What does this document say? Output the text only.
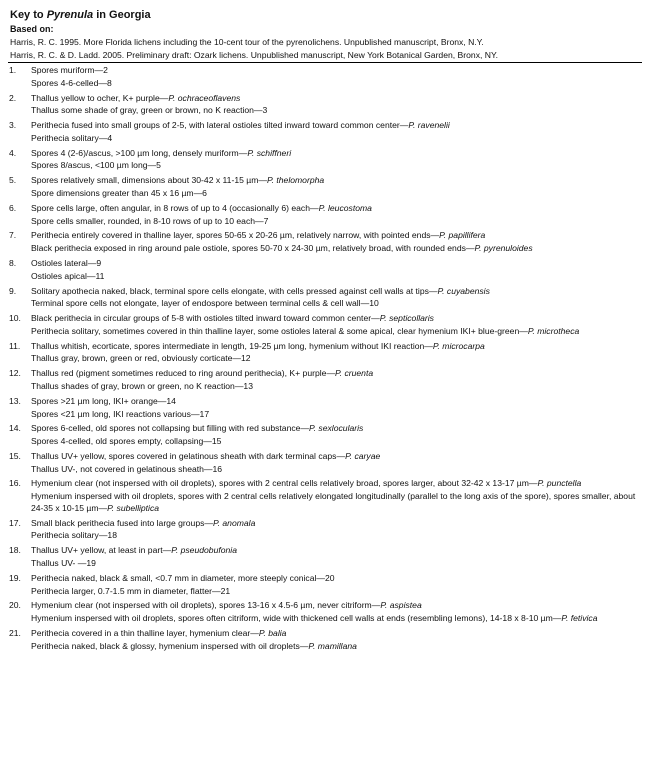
Key to Pyrenula in Georgia
Based on:
Harris, R. C. 1995. More Florida lichens including the 10-cent tour of the pyrenolichens. Unpublished manuscript, Bronx, N.Y.
Harris, R. C. & D. Ladd. 2005. Preliminary draft: Ozark lichens. Unpublished manuscript, New York Botanical Garden, Bronx, NY.
1.	Spores muriform—2
Spores 4-6-celled—8
2.	Thallus yellow to ocher, K+ purple—P. ochraceoflavens
Thallus some shade of gray, green or brown, no K reaction—3
3.	Perithecia fused into small groups of 2-5, with lateral ostioles tilted inward toward common center—P. ravenelii
Perithecia solitary—4
4.	Spores 4 (2-6)/ascus, >100 µm long, densely muriform—P. schiffneri
Spores 8/ascus, <100 µm long—5
5.	Spores relatively small, dimensions about 30-42 x 11-15 µm—P. thelomorpha
Spore dimensions greater than 45 x 16 µm—6
6.	Spore cells large, often angular, in 8 rows of up to 4 (occasionally 6) each—P. leucostoma
Spore cells smaller, rounded, in 8-10 rows of up to 10 each—7
7.	Perithecia entirely covered in thalline layer, spores 50-65 x 20-26 µm, relatively narrow, with pointed ends—P. papillifera
Black perithecia exposed in ring around pale ostiole, spores 50-70 x 24-30 µm, relatively broad, with rounded ends—P. pyrenuloides
8.	Ostioles lateral—9
Ostioles apical—11
9.	Solitary apothecia naked, black, terminal spore cells elongate, with cells pressed against cell walls at tips—P. cuyabensis
Terminal spore cells not elongate, layer of endospore between terminal cells & cell wall—10
10.	Black perithecia in circular groups of 5-8 with ostioles tilted inward toward common center—P. septicollaris
Perithecia solitary, sometimes covered in thin thalline layer, some ostioles lateral & some apical, clear hymenium IKI+ blue-green—P. microtheca
11.	Thallus whitish, ecorticate, spores intermediate in length, 19-25 µm long, hymenium without IKI reaction—P. microcarpa
Thallus gray, brown, green or red, obviously corticate—12
12.	Thallus red (pigment sometimes reduced to ring around perithecia), K+ purple—P. cruenta
Thallus shades of gray, brown or green, no K reaction—13
13.	Spores >21 µm long, IKI+ orange—14
Spores <21 µm long, IKI reactions various—17
14.	Spores 6-celled, old spores not collapsing but filling with red substance—P. sexlocularis
Spores 4-celled, old spores empty, collapsing—15
15.	Thallus UV+ yellow, spores covered in gelatinous sheath with dark terminal caps—P. caryae
Thallus UV-, not covered in gelatinous sheath—16
16.	Hymenium clear (not inspersed with oil droplets), spores with 2 central cells relatively broad, spores larger, about 32-42 x 13-17 µm—P. punctella
Hymenium inspersed with oil droplets, spores with 2 central cells relatively elongated longitudinally (parallel to the long axis of the spore), spores smaller, about 24-35 x 10-15 µm—P. subelliptica
17.	Small black perithecia fused into large groups—P. anomala
Perithecia solitary—18
18.	Thallus UV+ yellow, at least in part—P. pseudobufonia
Thallus UV- —19
19.	Perithecia naked, black & small, <0.7 mm in diameter, more steeply conical—20
Perithecia larger, 0.7-1.5 mm in diameter, flatter—21
20.	Hymenium clear (not inspersed with oil droplets), spores 13-16 x 4.5-6 µm, never citriform—P. aspistea
Hymenium inspersed with oil droplets, spores often citriform, wide with thickened cell walls at ends (resembling lemons), 14-18 x 8-10 µm—P. fetivica
21.	Perithecia covered in a thin thalline layer, hymenium clear—P. balia
Perithecia naked, black & glossy, hymenium inspersed with oil droplets—P. mamillana
